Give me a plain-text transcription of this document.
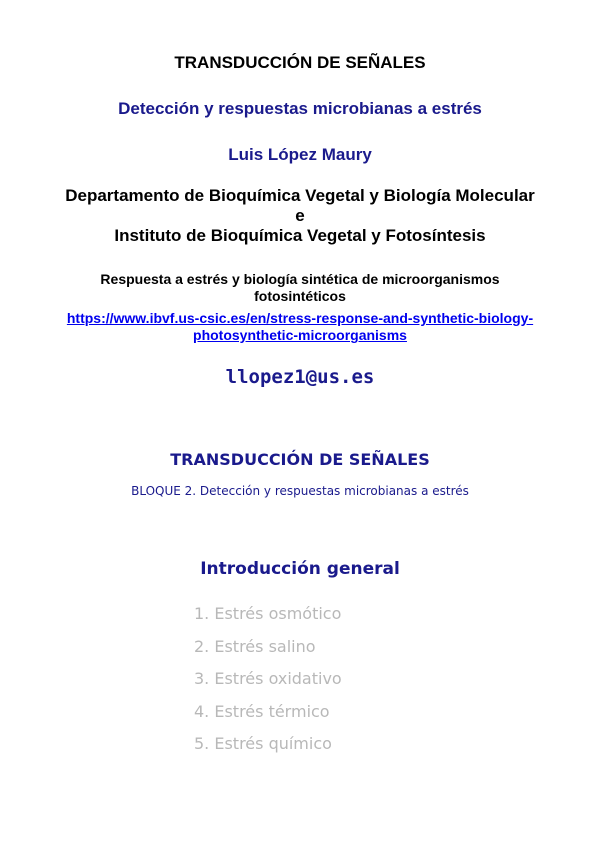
TRANSDUCCIÓN DE SEÑALES
Detección y respuestas microbianas a estrés
Luis López Maury
Departamento de Bioquímica Vegetal y Biología Molecular
e
Instituto de Bioquímica Vegetal y Fotosíntesis
Respuesta a estrés y biología sintética de microorganismos
fotosintéticos
https://www.ibvf.us-csic.es/en/stress-response-and-synthetic-biology-
photosynthetic-microorganisms
llopez1@us.es
TRANSDUCCIÓN DE SEÑALES
BLOQUE 2. Detección y respuestas microbianas a estrés
Introducción general
1. Estrés osmótico
2. Estrés salino
3. Estrés oxidativo
4. Estrés térmico
5. Estrés químico
